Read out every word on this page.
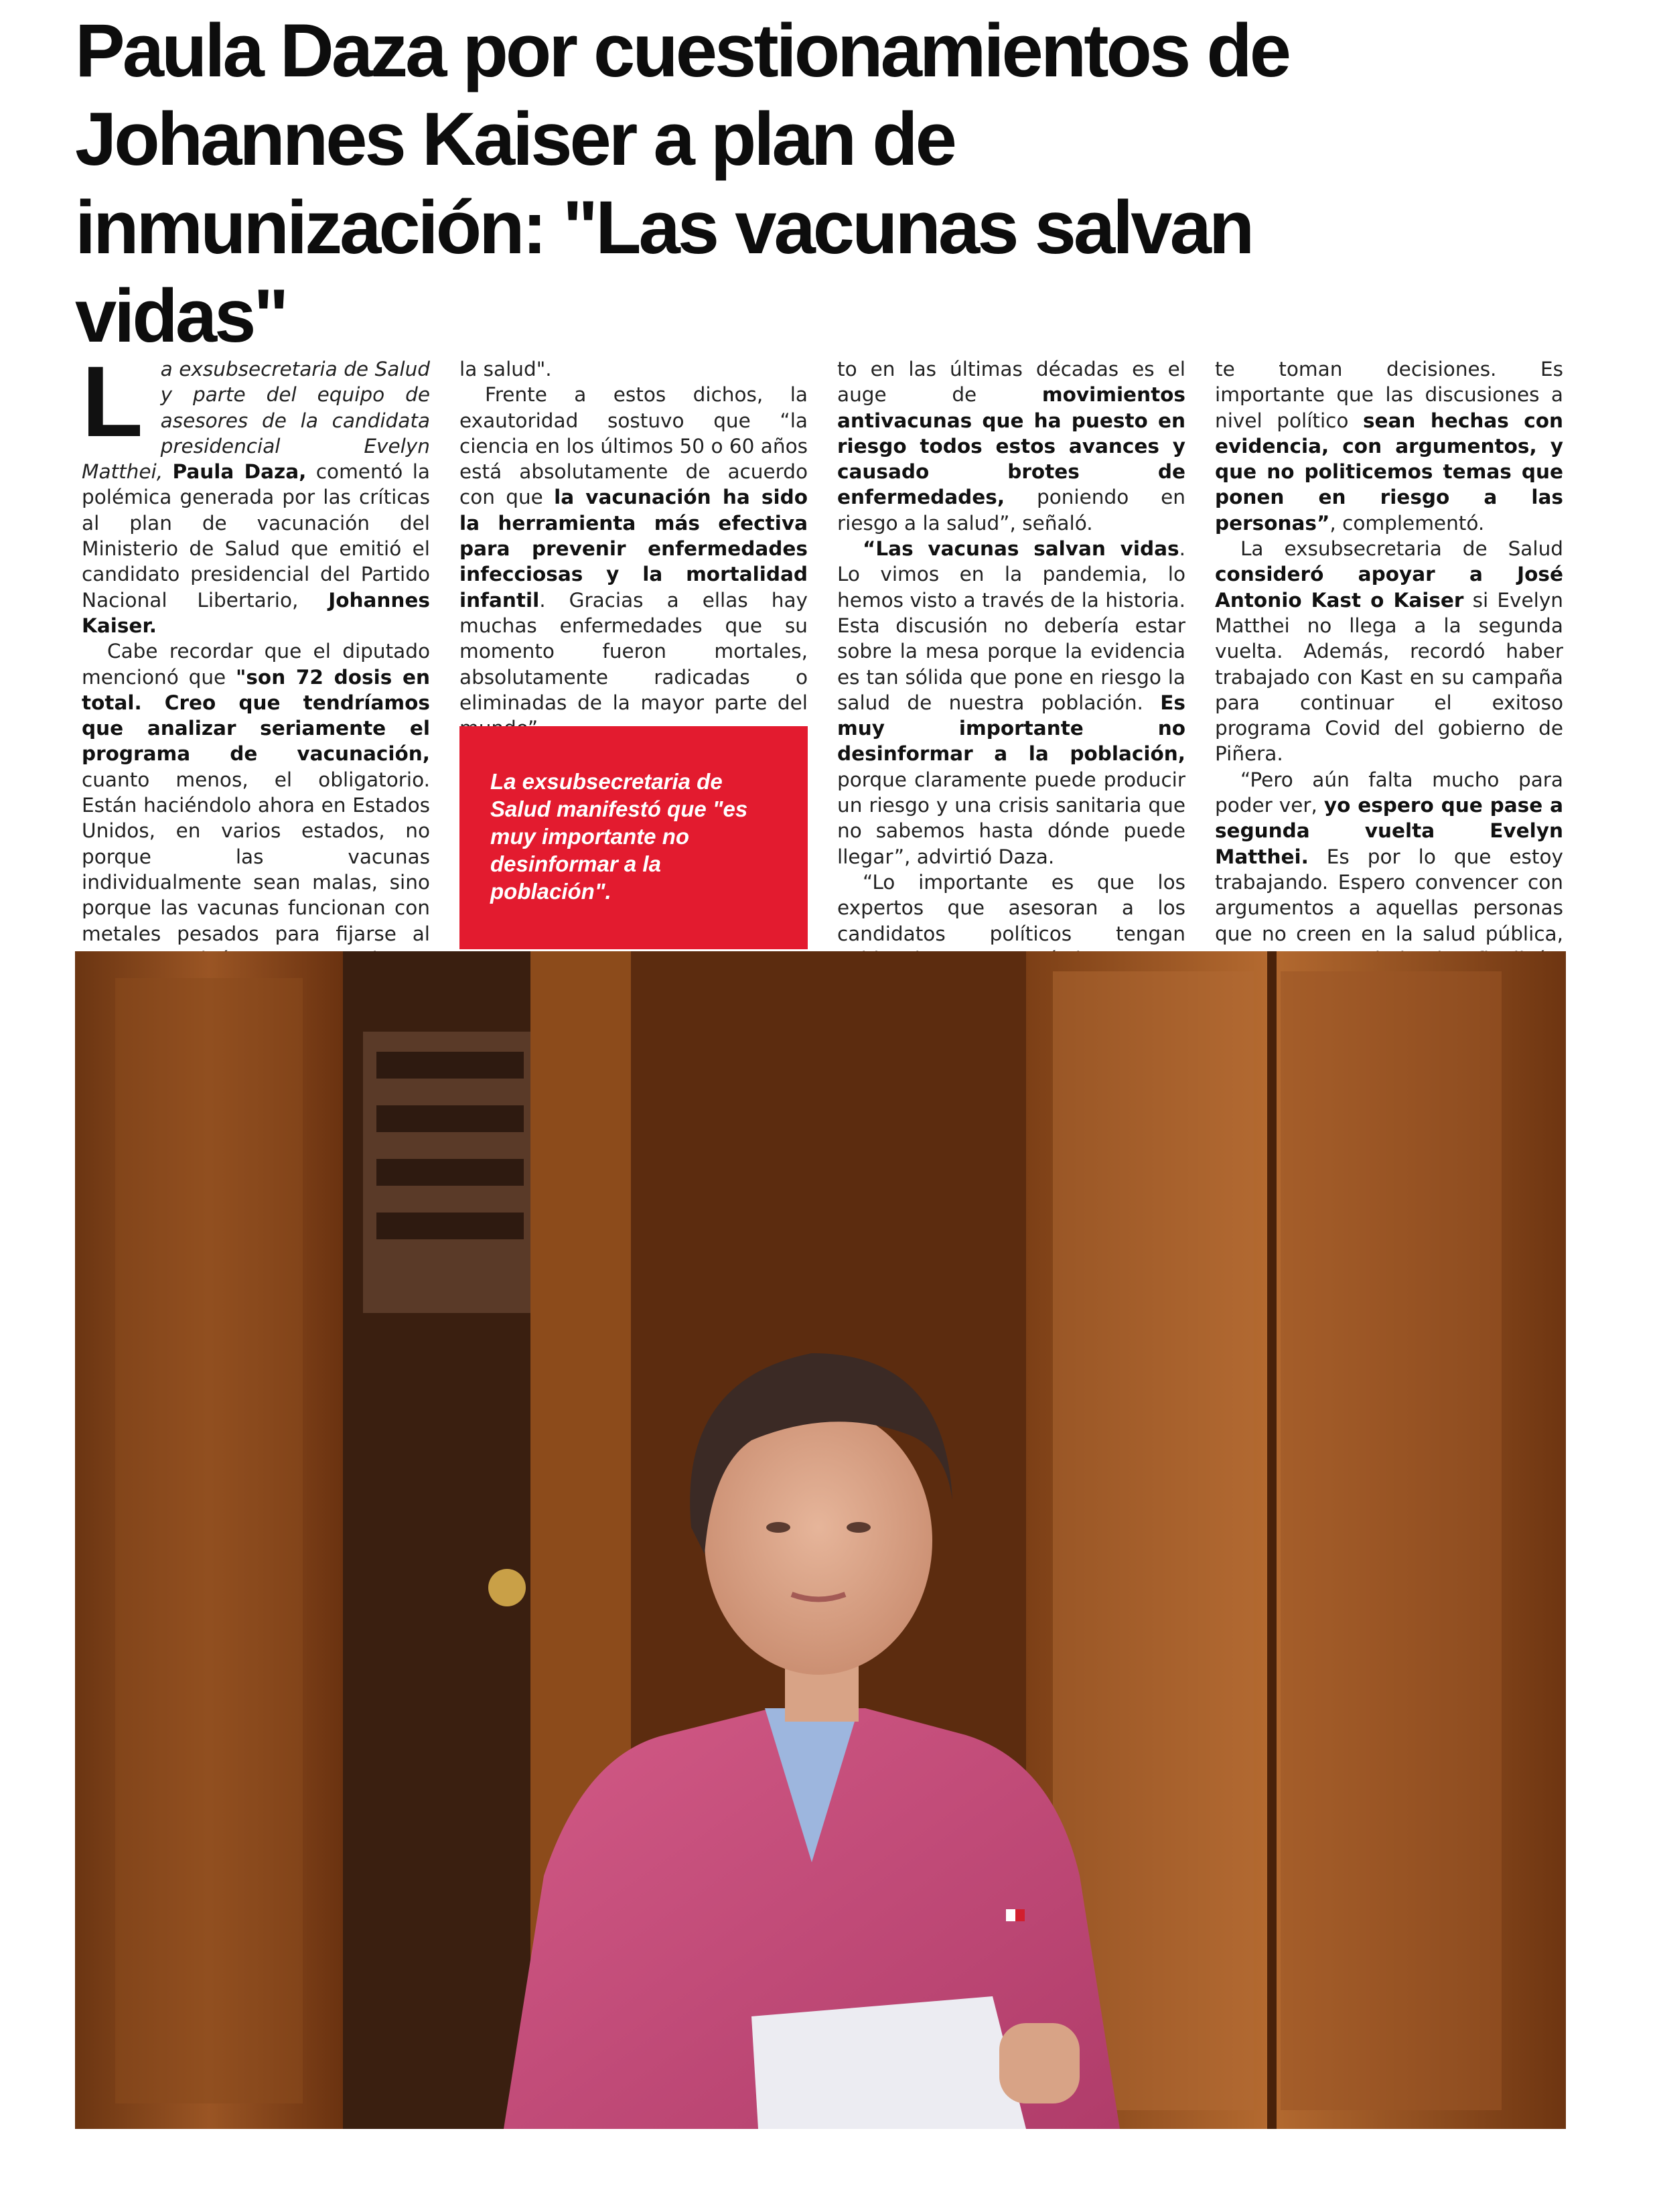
Paula Daza por cuestionamientos de Johannes Kaiser a plan de inmunización: "Las vacunas salvan vidas"

La exsubsecretaria de Salud y parte del equipo de asesores de la candidata presidencial Evelyn Matthei, Paula Daza, comentó la polémica generada por las críticas al plan de vacunación del Ministerio de Salud que emitió el candidato presidencial del Partido Nacional Libertario, Johannes Kaiser.

Cabe recordar que el diputado mencionó que "son 72 dosis en total. Creo que tendríamos que analizar seriamente el programa de vacunación, cuanto menos, el obligatorio. Están haciéndolo ahora en Estados Unidos, en varios estados, no porque las vacunas individualmente sean malas, sino porque las vacunas funcionan con metales pesados para fijarse al

la salud".

Frente a estos dichos, la exautoridad sostuvo que “la ciencia en los últimos 50 o 60 años está absolutamente de acuerdo con que la vacunación ha sido la herramienta más efectiva para prevenir enfermedades infecciosas y la mortalidad infantil. Gracias a ellas hay muchas enfermedades que su momento fueron mortales, absolutamente radicadas o eliminadas de la mayor parte del

La exsubsecretaria de Salud manifestó que "es muy importante no desinformar a la población".

to en las últimas décadas es el auge de movimientos antivacunas que ha puesto en riesgo todos estos avances y causado brotes de enfermedades, poniendo en riesgo a la salud”, señaló.

“Las vacunas salvan vidas. Lo vimos en la pandemia, lo hemos visto a través de la historia. Esta discusión no debería estar sobre la mesa porque la evidencia es tan sólida que pone en riesgo la salud de nuestra población. Es muy importante no desinformar a la población, porque claramente puede producir un riesgo y una crisis sanitaria que no sabemos hasta dónde puede llegar”, advirtió Daza.

“Lo importante es que los expertos que asesoran a los candidatos políticos tengan

te toman decisiones. Es importante que las discusiones a nivel político sean hechas con evidencia, con argumentos, y que no politicemos temas que ponen en riesgo a las personas”, complementó.

La exsubsecretaria de Salud consideró apoyar a José Antonio Kast o Kaiser si Evelyn Matthei no llega a la segunda vuelta. Además, recordó haber trabajado con Kast en su campaña para continuar el exitoso programa Covid del gobierno de Piñera.

“Pero aún falta mucho para poder ver, yo espero que pase a segunda vuelta Evelyn Matthei. Es por lo que estoy trabajando. Espero convencer con argumentos a aquellas personas que no creen en la salud pública,
